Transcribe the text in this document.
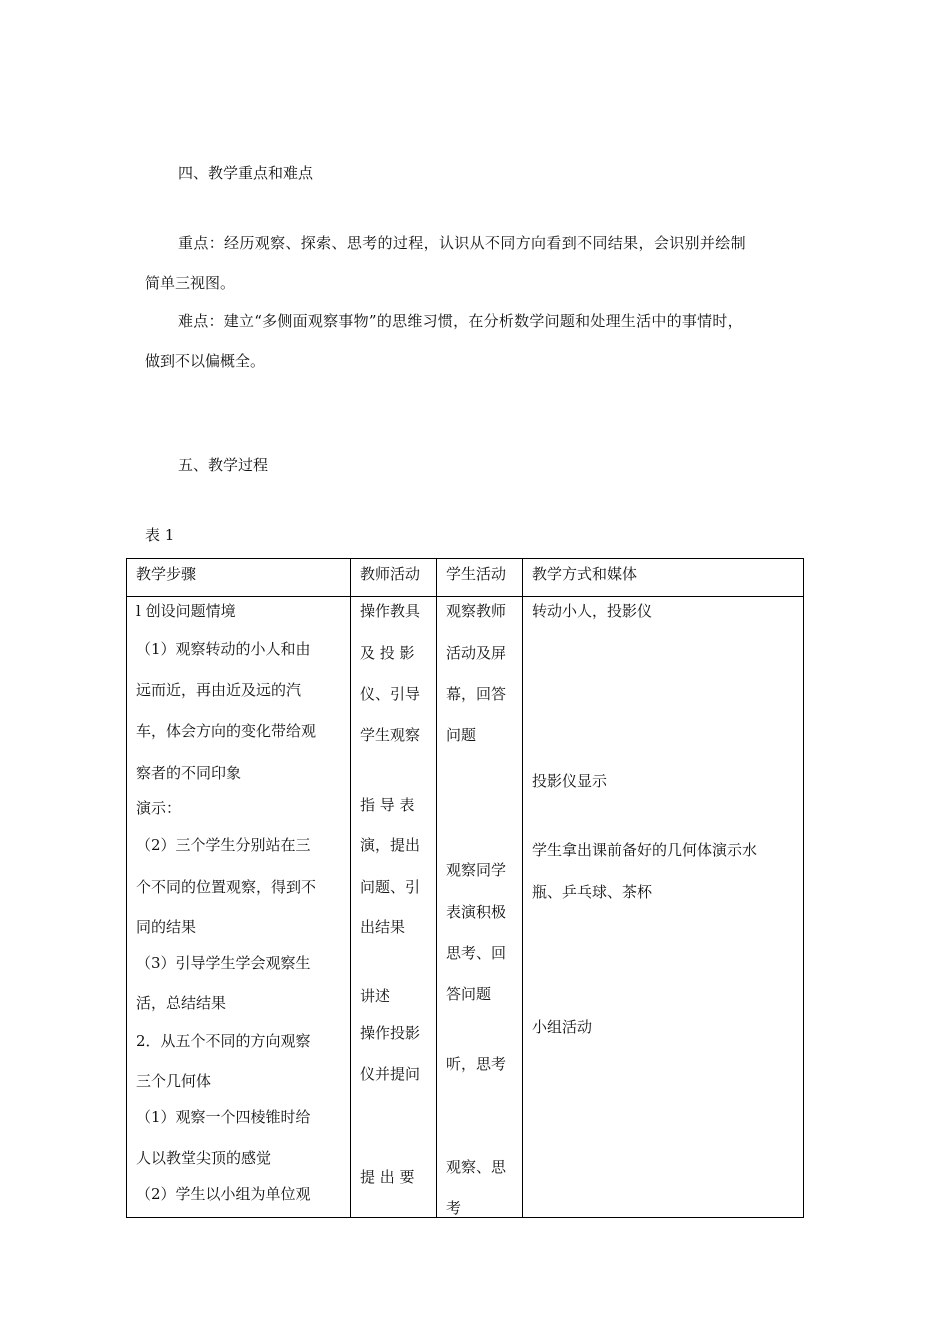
四、教学重点和难点
重点：经历观察、探索、思考的过程，认识从不同方向看到不同结果，会识别并绘制
简单三视图。
难点：建立“多侧面观察事物”的思维习惯，在分析数学问题和处理生活中的事情时，
做到不以偏概全。
五、教学过程
表 1
教学步骤	教师活动 学生活动 教学方式和媒体
l 创设问题情境
（1）观察转动的小人和由
远而近，再由近及远的汽
车，体会方向的变化带给观
察者的不同印象
演示：
（2）三个学生分别站在三
个不同的位置观察，得到不
同的结果
（3）引导学生学会观察生
活，总结结果
2．从五个不同的方向观察
三个几何体
（1）观察一个四棱锥时给
人以教堂尖顶的感觉
（2）学生以小组为单位观
操作教具
及 投 影
仪、引导
学生观察
指 导 表
演，提出
问题、引
出结果
讲述
操作投影
仪并提问
提 出 要
观察教师
活动及屏
幕，回答
问题
观察同学
表演积极
思考、回
答问题
听，思考
观察、思
考
转动小人，投影仪
投影仪显示
学生拿出课前备好的几何体演示水
瓶、乒乓球、茶杯
小组活动
